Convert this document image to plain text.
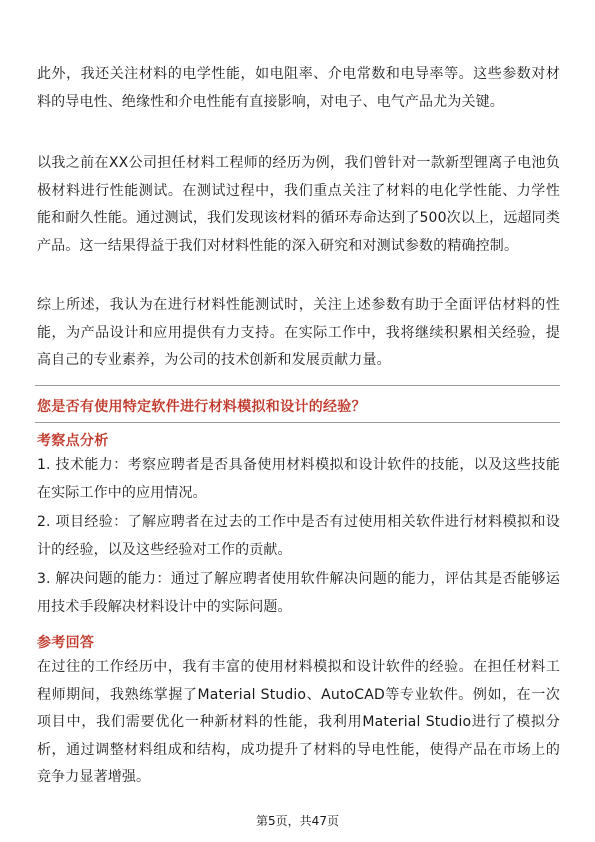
此外，我还关注材料的电学性能，如电阻率、介电常数和电导率等。这些参数对材料的导电性、绝缘性和介电性能有直接影响，对电子、电气产品尤为关键。

以我之前在XX公司担任材料工程师的经历为例，我们曾针对一款新型锂离子电池负极材料进行性能测试。在测试过程中，我们重点关注了材料的电化学性能、力学性能和耐久性能。通过测试，我们发现该材料的循环寿命达到了500次以上，远超同类产品。这一结果得益于我们对材料性能的深入研究和对测试参数的精确控制。

综上所述，我认为在进行材料性能测试时，关注上述参数有助于全面评估材料的性能，为产品设计和应用提供有力支持。在实际工作中，我将继续积累相关经验，提高自己的专业素养，为公司的技术创新和发展贡献力量。

您是否有使用特定软件进行材料模拟和设计的经验？

考察点分析

1. 技术能力：考察应聘者是否具备使用材料模拟和设计软件的技能，以及这些技能在实际工作中的应用情况。

2. 项目经验：了解应聘者在过去的工作中是否有过使用相关软件进行材料模拟和设计的经验，以及这些经验对工作的贡献。

3. 解决问题的能力：通过了解应聘者使用软件解决问题的能力，评估其是否能够运用技术手段解决材料设计中的实际问题。

参考回答

在过往的工作经历中，我有丰富的使用材料模拟和设计软件的经验。在担任材料工程师期间，我熟练掌握了Material Studio、AutoCAD等专业软件。例如，在一次项目中，我们需要优化一种新材料的性能，我利用Material Studio进行了模拟分析，通过调整材料组成和结构，成功提升了材料的导电性能，使得产品在市场上的竞争力显著增强。

第5页，共47页
